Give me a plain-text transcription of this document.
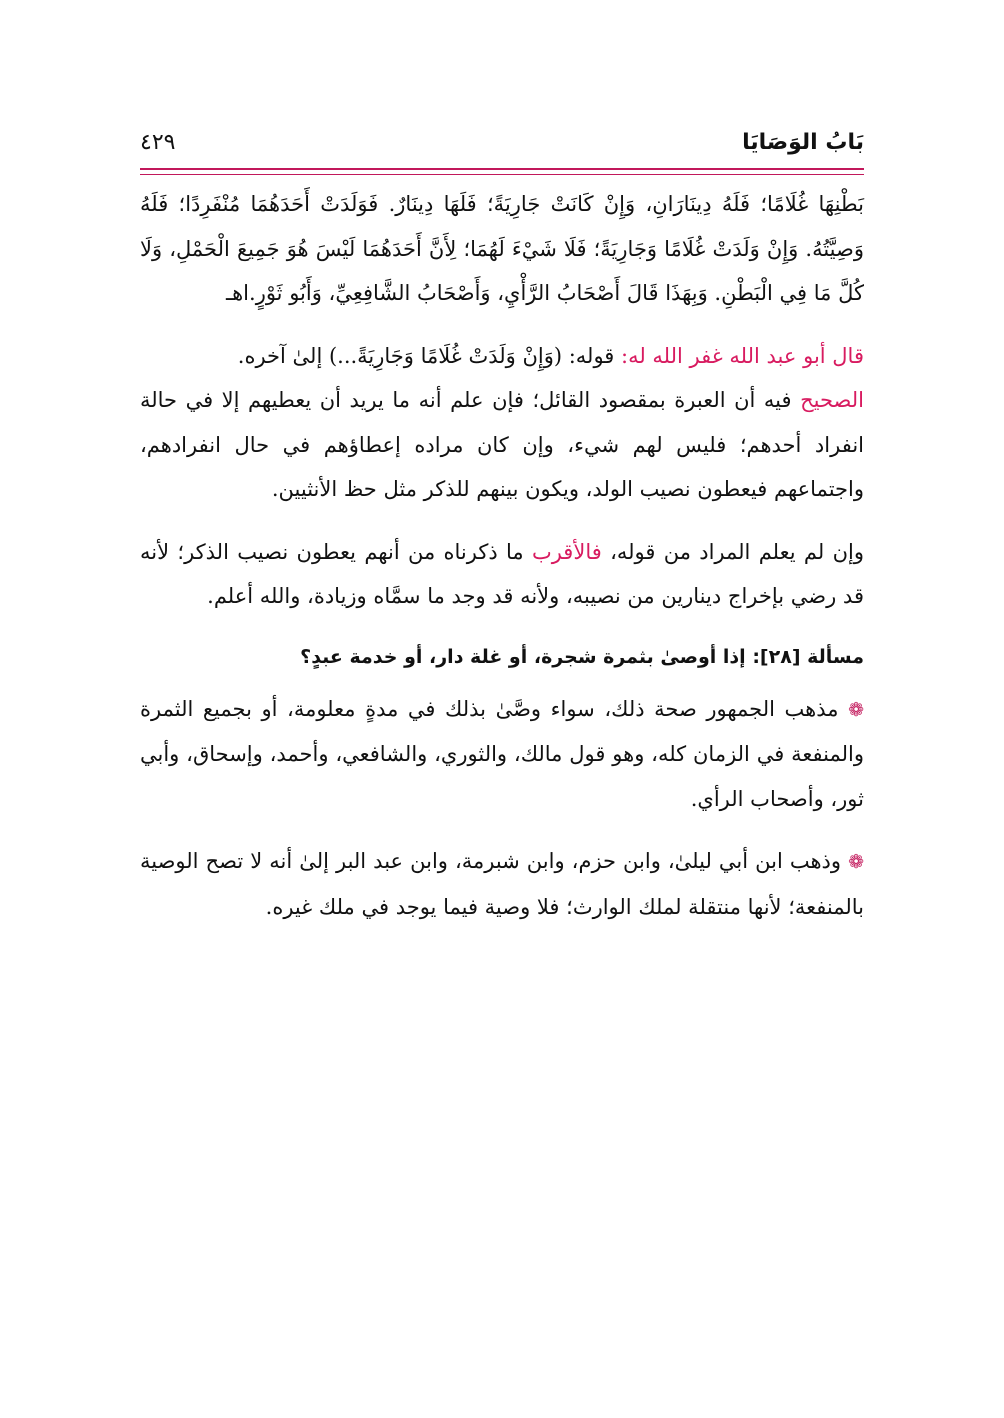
بَابُ الوَصَايَا
٤٢٩

بَطْنِهَا غُلَامًا؛ فَلَهُ دِينَارَانِ، وَإِنْ كَانَتْ جَارِيَةً؛ فَلَهَا دِينَارٌ. فَوَلَدَتْ أَحَدَهُمَا مُنْفَرِدًا؛ فَلَهُ وَصِيَّتُهُ. وَإِنْ وَلَدَتْ غُلَامًا وَجَارِيَةً؛ فَلَا شَيْءَ لَهُمَا؛ لِأَنَّ أَحَدَهُمَا لَيْسَ هُوَ جَمِيعَ الْحَمْلِ، وَلَا كُلَّ مَا فِي الْبَطْنِ. وَبِهَذَا قَالَ أَصْحَابُ الرَّأْيِ، وَأَصْحَابُ الشَّافِعِيِّ، وَأَبُو ثَوْرٍ.اهـ

قال أبو عبد الله غفر الله له: قوله: (وَإِنْ وَلَدَتْ غُلَامًا وَجَارِيَةً...) إلىٰ آخره.

الصحيح فيه أن العبرة بمقصود القائل؛ فإن علم أنه ما يريد أن يعطيهم إلا في حالة انفراد أحدهم؛ فليس لهم شيء، وإن كان مراده إعطاؤهم في حال انفرادهم، واجتماعهم فيعطون نصيب الولد، ويكون بينهم للذكر مثل حظ الأنثيين.

وإن لم يعلم المراد من قوله، فالأقرب ما ذكرناه من أنهم يعطون نصيب الذكر؛ لأنه قد رضي بإخراج دينارين من نصيبه، ولأنه قد وجد ما سمَّاه وزيادة، والله أعلم.

مسألة [٢٨]: إذا أوصىٰ بثمرة شجرة، أو غلة دار، أو خدمة عبدٍ؟

❁ مذهب الجمهور صحة ذلك، سواء وصَّىٰ بذلك في مدةٍ معلومة، أو بجميع الثمرة والمنفعة في الزمان كله، وهو قول مالك، والثوري، والشافعي، وأحمد، وإسحاق، وأبي ثور، وأصحاب الرأي.

❁ وذهب ابن أبي ليلىٰ، وابن حزم، وابن شبرمة، وابن عبد البر إلىٰ أنه لا تصح الوصية بالمنفعة؛ لأنها منتقلة لملك الوارث؛ فلا وصية فيما يوجد في ملك غيره.
